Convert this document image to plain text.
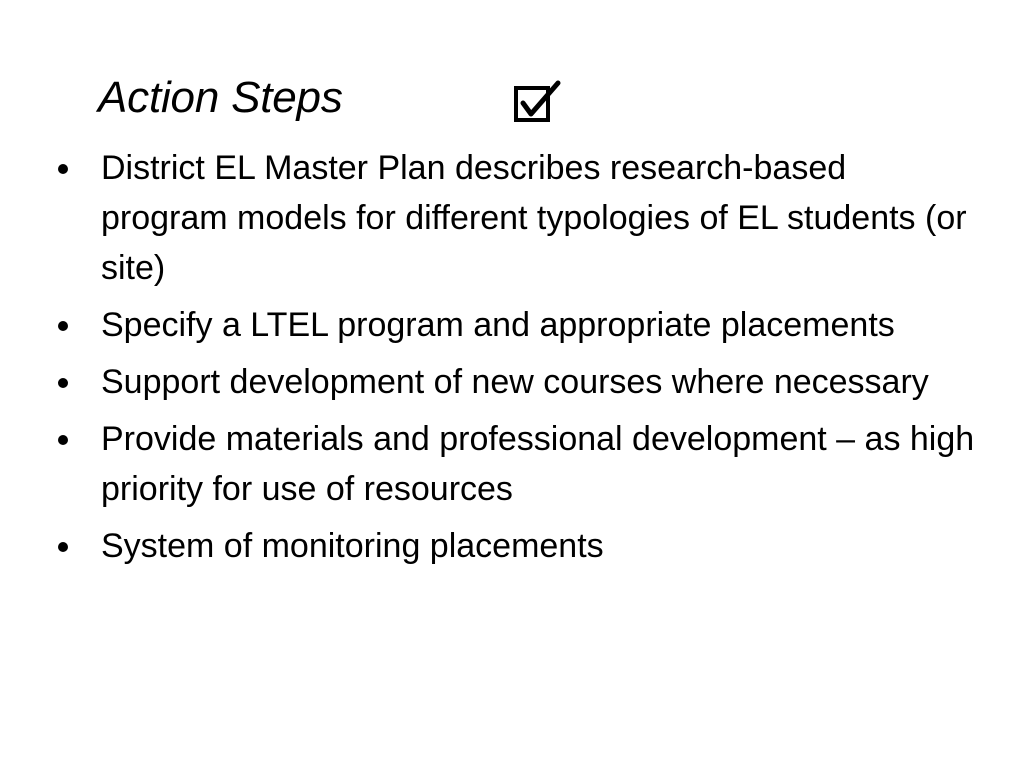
Action Steps
District EL Master Plan describes research-based program models for different typologies of EL students (or site)
Specify a LTEL program and appropriate placements
Support development of new courses where necessary
Provide materials and professional development – as high priority for use of resources
System of monitoring placements
